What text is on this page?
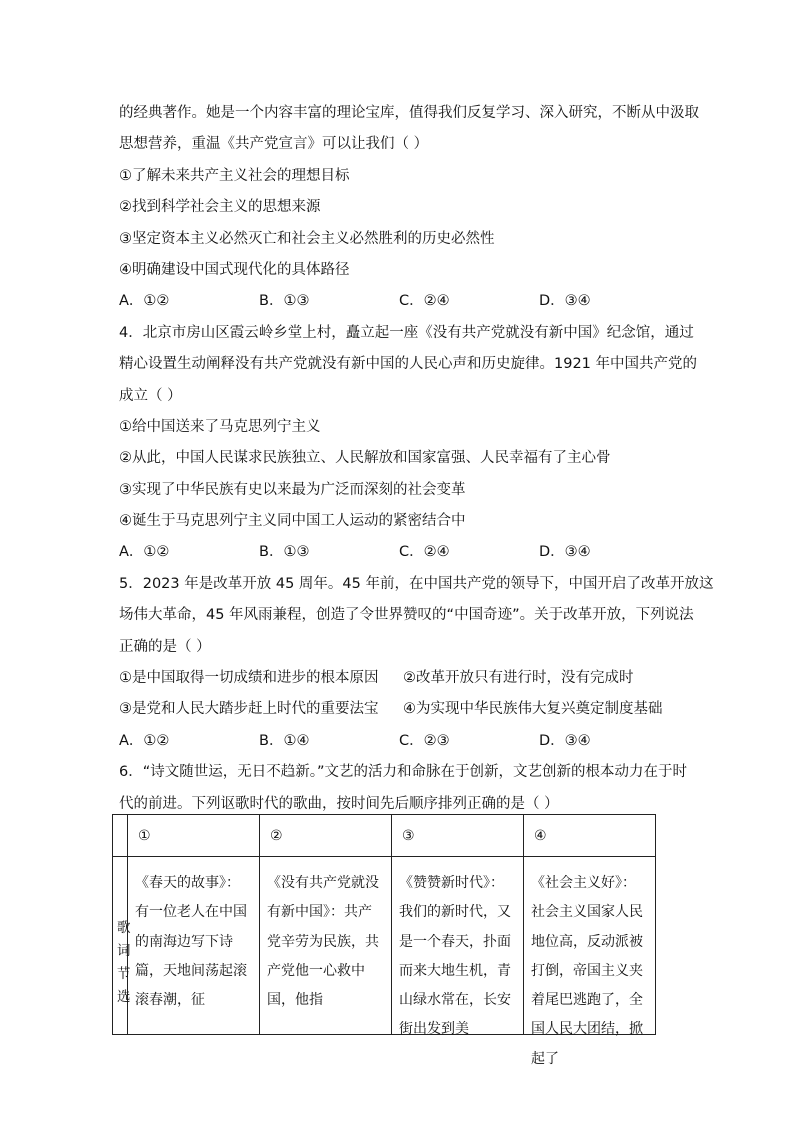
的经典著作。她是一个内容丰富的理论宝库，值得我们反复学习、深入研究，不断从中汲取
思想营养，重温《共产党宣言》可以让我们（ ）
①了解未来共产主义社会的理想目标
②找到科学社会主义的思想来源
③坚定资本主义必然灭亡和社会主义必然胜利的历史必然性
④明确建设中国式现代化的具体路径
A．①②	B．①③	C．②④	D．③④
4．北京市房山区霞云岭乡堂上村，矗立起一座《没有共产党就没有新中国》纪念馆，通过
精心设置生动阐释没有共产党就没有新中国的人民心声和历史旋律。1921 年中国共产党的
成立（ ）
①给中国送来了马克思列宁主义
②从此，中国人民谋求民族独立、人民解放和国家富强、人民幸福有了主心骨
③实现了中华民族有史以来最为广泛而深刻的社会变革
④诞生于马克思列宁主义同中国工人运动的紧密结合中
A．①②	B．①③	C．②④	D．③④
5．2023 年是改革开放 45 周年。45 年前，在中国共产党的领导下，中国开启了改革开放这
场伟大革命，45 年风雨兼程，创造了令世界赞叹的“中国奇迹”。关于改革开放，下列说法
正确的是（ ）
①是中国取得一切成绩和进步的根本原因	②改革开放只有进行时，没有完成时
③是党和人民大踏步赶上时代的重要法宝	④为实现中华民族伟大复兴奠定制度基础
A．①②	B．①④	C．②③	D．③④
6．“诗文随世运，无日不趋新。”文艺的活力和命脉在于创新，文艺创新的根本动力在于时
代的前进。下列讴歌时代的歌曲，按时间先后顺序排列正确的是（ ）
	①	②	③	④

歌词节选	《春天的故事》：有一位老人在中国的南海边写下诗篇，天地间荡起滚滚春潮，征	《没有共产党就没有新中国》：共产党辛劳为民族，共产党他一心救中国，他指	《赞赞新时代》：我们的新时代，又是一个春天，扑面而来大地生机，青山绿水常在，长安街出发到美	《社会主义好》：社会主义国家人民地位高，反动派被打倒，帝国主义夹着尾巴逃跑了，全国人民大团结，掀起了
